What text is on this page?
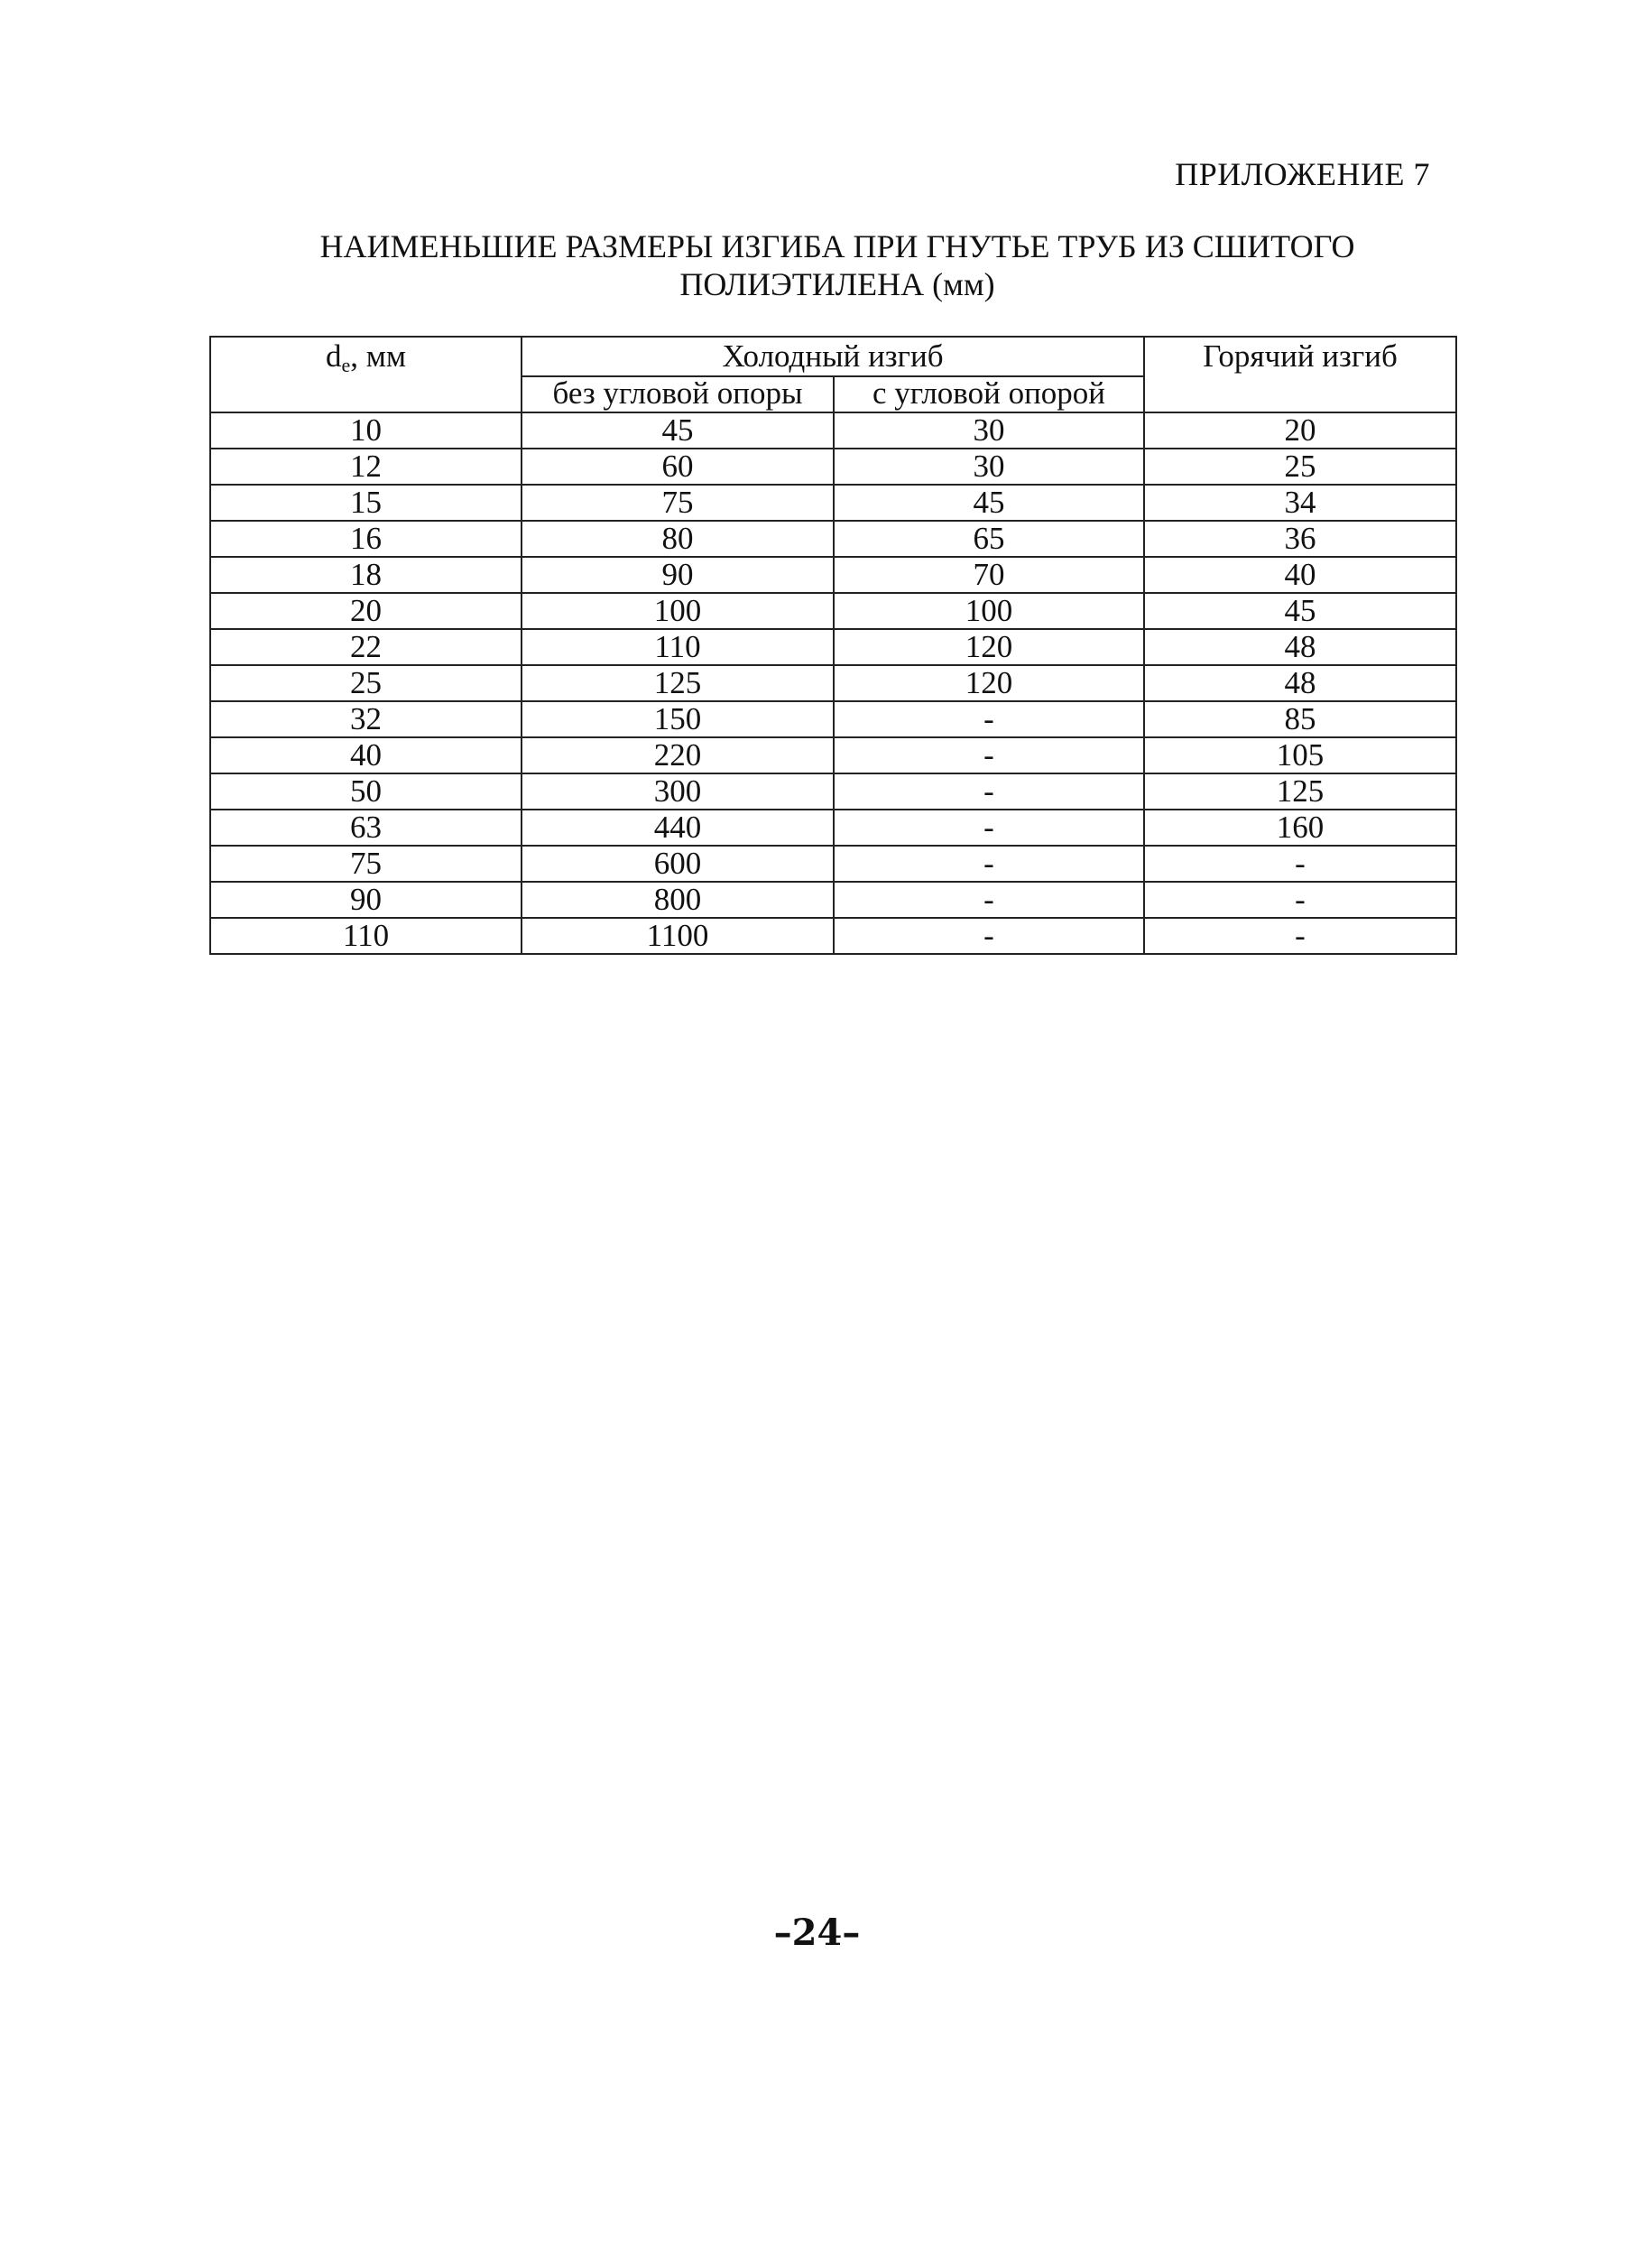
ПРИЛОЖЕНИЕ 7
НАИМЕНЬШИЕ РАЗМЕРЫ ИЗГИБА ПРИ ГНУТЬЕ ТРУБ ИЗ СШИТОГО
ПОЛИЭТИЛЕНА (мм)
de, мм	Холодный изгиб		Горячий изгиб
	без угловой опоры	с угловой опорой	
10	45	30	20
12	60	30	25
15	75	45	34
16	80	65	36
18	90	70	40
20	100	100	45
22	110	120	48
25	125	120	48
32	150	-	85
40	220	-	105
50	300	-	125
63	440	-	160
75	600	-	-
90	800	-	-
110	1100	-	-
–24–
